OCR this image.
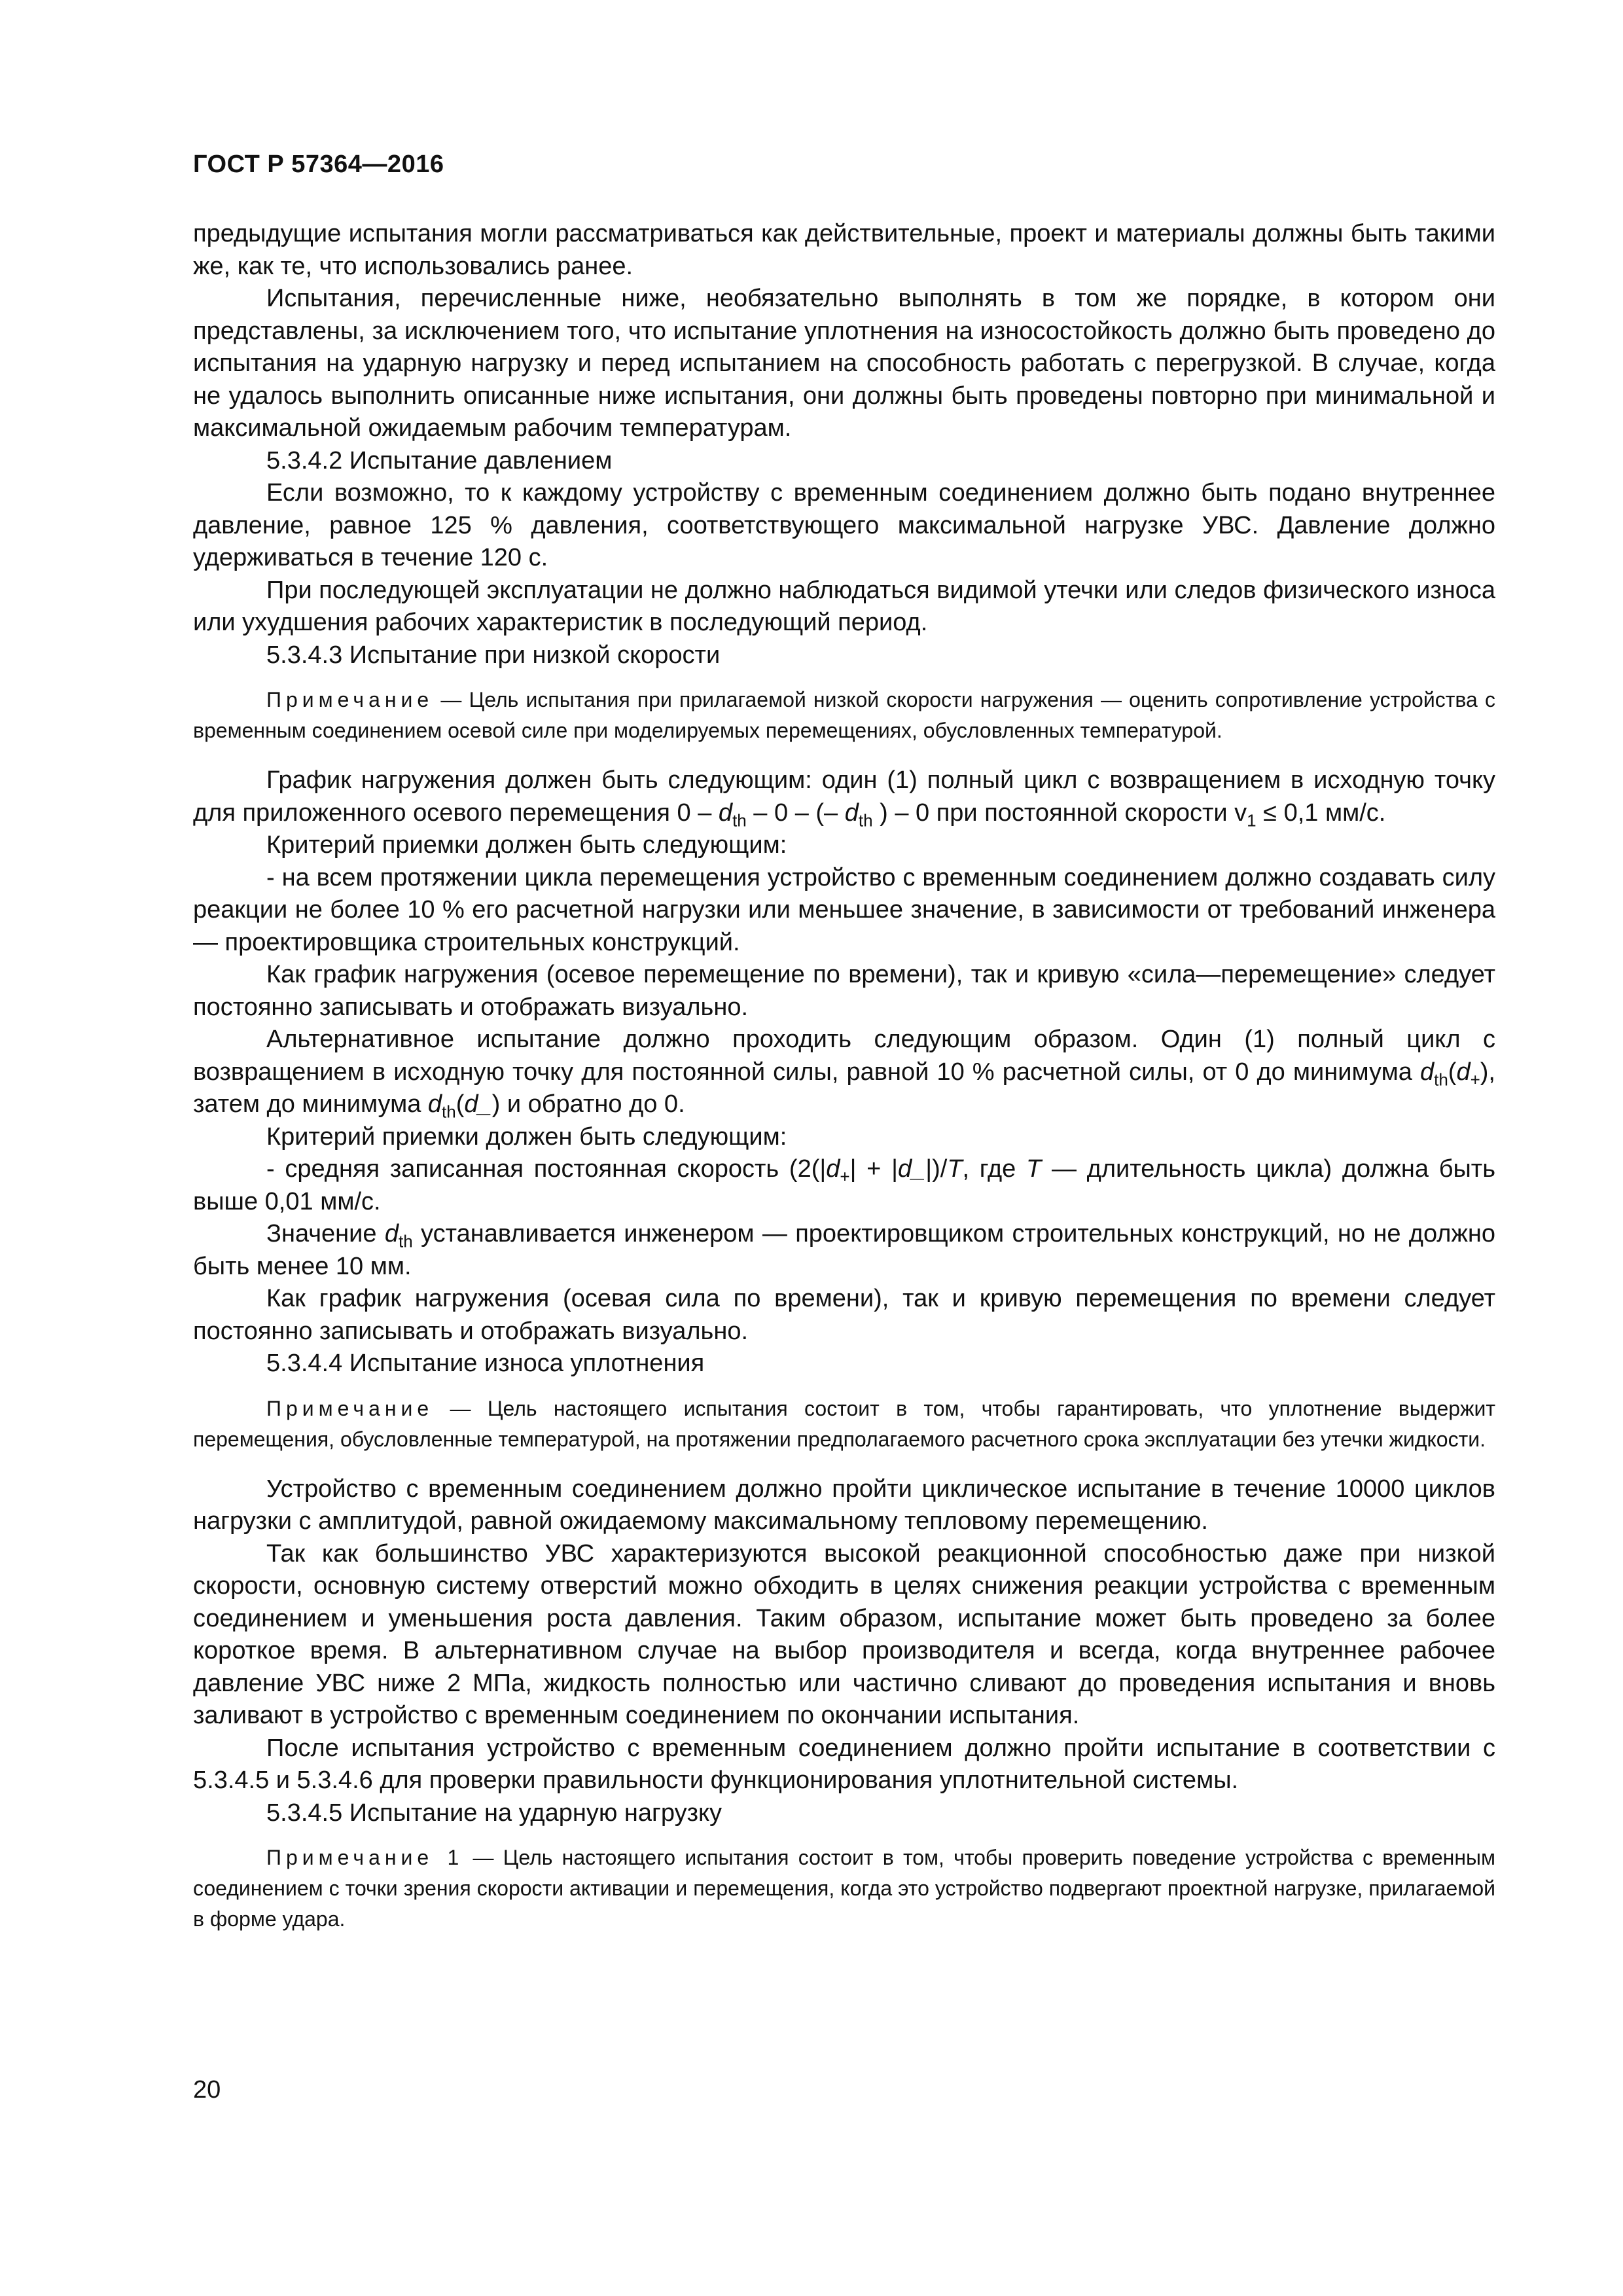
ГОСТ Р 57364—2016

предыдущие испытания могли рассматриваться как действительные, проект и материалы должны быть такими же, как те, что использовались ранее.

Испытания, перечисленные ниже, необязательно выполнять в том же порядке, в котором они представлены, за исключением того, что испытание уплотнения на износостойкость должно быть проведено до испытания на ударную нагрузку и перед испытанием на способность работать с перегрузкой. В случае, когда не удалось выполнить описанные ниже испытания, они должны быть проведены повторно при минимальной и максимальной ожидаемым рабочим температурам.

5.3.4.2 Испытание давлением

Если возможно, то к каждому устройству с временным соединением должно быть подано внутреннее давление, равное 125 % давления, соответствующего максимальной нагрузке УВС. Давление должно удерживаться в течение 120 с.

При последующей эксплуатации не должно наблюдаться видимой утечки или следов физического износа или ухудшения рабочих характеристик в последующий период.

5.3.4.3 Испытание при низкой скорости

Примечание — Цель испытания при прилагаемой низкой скорости нагружения — оценить сопротивление устройства с временным соединением осевой силе при моделируемых перемещениях, обусловленных температурой.

График нагружения должен быть следующим: один (1) полный цикл с возвращением в исходную точку для приложенного осевого перемещения $0 - d_{th} - 0$ – (– $d_{th}$ ) – 0 при постоянной скорости $v_1 \le 0,1$ мм/с.

Критерий приемки должен быть следующим:

- на всем протяжении цикла перемещения устройство с временным соединением должно создавать силу реакции не более 10 % его расчетной нагрузки или меньшее значение, в зависимости от требований инженера — проектировщика строительных конструкций.

Как график нагружения (осевое перемещение по времени), так и кривую «сила—перемещение» следует постоянно записывать и отображать визуально.

Альтернативное испытание должно проходить следующим образом. Один (1) полный цикл с возвращением в исходную точку для постоянной силы, равной 10 % расчетной силы, от 0 до минимума $d_{th}(d_+)$, затем до минимума $d_{th}(d\_)$ и обратно до 0.

Критерий приемки должен быть следующим:

- средняя записанная постоянная скорость ($2(|d_+|$ + |d_|)/T, где T — длительность цикла) должна быть выше 0,01 мм/с.

Значение $d_{th}$ устанавливается инженером — проектировщиком строительных конструкций, но не должно быть менее 10 мм.

Как график нагружения (осевая сила по времени), так и кривую перемещения по времени следует постоянно записывать и отображать визуально.

5.3.4.4 Испытание износа уплотнения

Примечание — Цель настоящего испытания состоит в том, чтобы гарантировать, что уплотнение выдержит перемещения, обусловленные температурой, на протяжении предполагаемого расчетного срока эксплуатации без утечки жидкости.

Устройство с временным соединением должно пройти циклическое испытание в течение 10000 циклов нагрузки с амплитудой, равной ожидаемому максимальному тепловому перемещению.

Так как большинство УВС характеризуются высокой реакционной способностью даже при низкой скорости, основную систему отверстий можно обходить в целях снижения реакции устройства с временным соединением и уменьшения роста давления. Таким образом, испытание может быть проведено за более короткое время. В альтернативном случае на выбор производителя и всегда, когда внутреннее рабочее давление УВС ниже 2 МПа, жидкость полностью или частично сливают до проведения испытания и вновь заливают в устройство с временным соединением по окончании испытания.

После испытания устройство с временным соединением должно пройти испытание в соответствии с 5.3.4.5 и 5.3.4.6 для проверки правильности функционирования уплотнительной системы.

5.3.4.5 Испытание на ударную нагрузку

Примечание 1 — Цель настоящего испытания состоит в том, чтобы проверить поведение устройства с временным соединением с точки зрения скорости активации и перемещения, когда это устройство подвергают проектной нагрузке, прилагаемой в форме удара.

20
